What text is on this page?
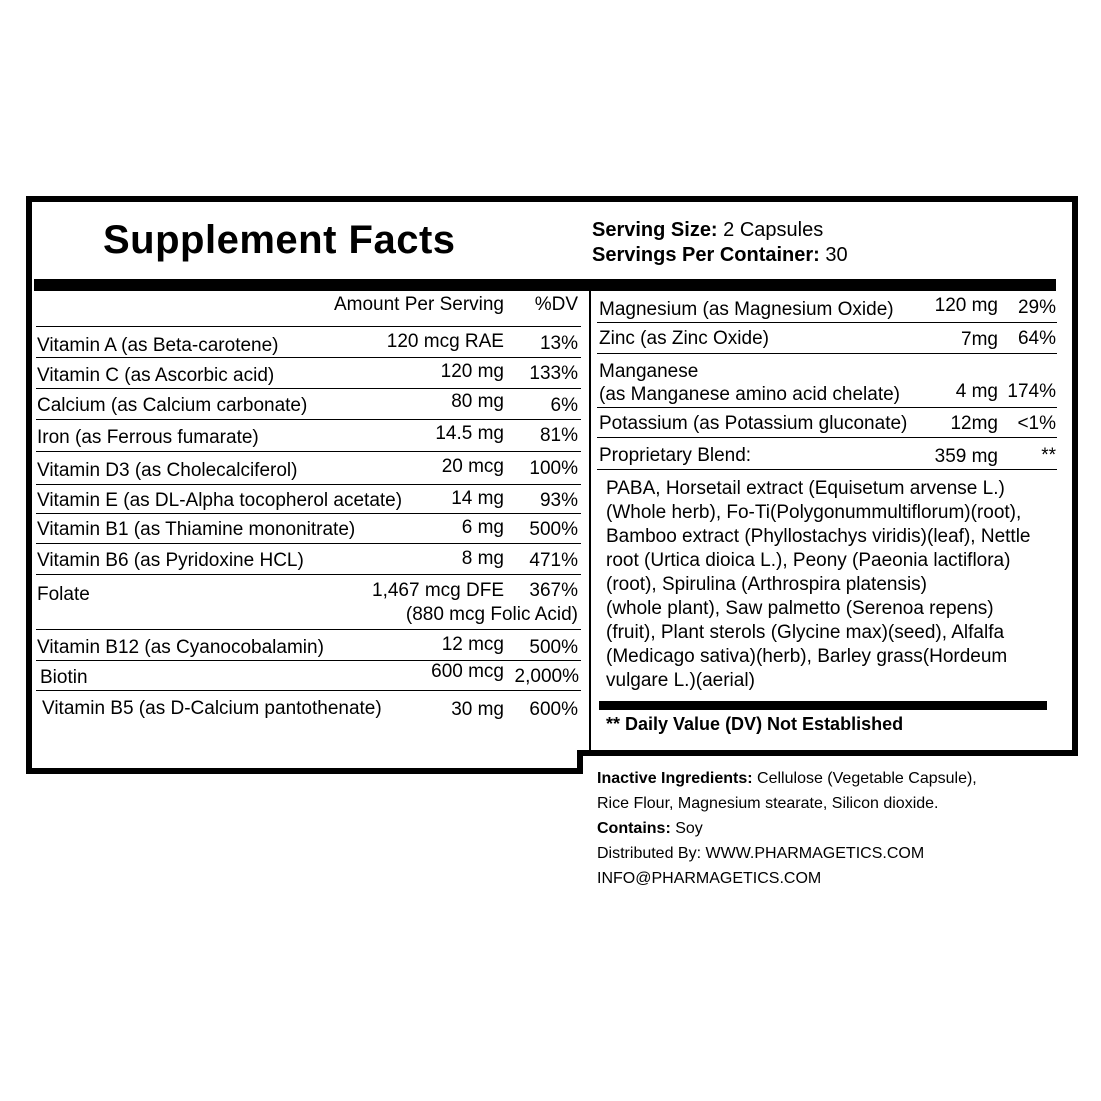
Supplement Facts	Serving Size: 2 Capsules
Servings Per Container: 30
Amount Per Serving	%DV
Vitamin A (as Beta-carotene)	120 mcg RAE	13%
Vitamin C (as Ascorbic acid)	120 mg	133%
Calcium (as Calcium carbonate)	80 mg	6%
Iron (as Ferrous fumarate)	14.5 mg	81%
Vitamin D3 (as Cholecalciferol)	20 mcg	100%
Vitamin E (as DL-Alpha tocopherol acetate)	14 mg	93%
Vitamin B1 (as Thiamine mononitrate)	6 mg	500%
Vitamin B6 (as Pyridoxine HCL)	8 mg	471%
Folate	1,467 mcg DFE	367%
(880 mcg Folic Acid)
Vitamin B12 (as Cyanocobalamin)	12 mcg	500%
Biotin	600 mcg 2,000%
Vitamin B5 (as D-Calcium pantothenate)	30 mg	600%
Magnesium (as Magnesium Oxide)	120 mg	29%
Zinc (as Zinc Oxide)	7mg	64%
Manganese
(as Manganese amino acid chelate)	4 mg 174%
Potassium (as Potassium gluconate)	12mg	<1%
Proprietary Blend:	359 mg	**
PABA, Horsetail extract (Equisetum arvense L.)
(Whole herb), Fo-Ti(Polygonummultiflorum)(root),
Bamboo extract (Phyllostachys viridis)(leaf), Nettle
root (Urtica dioica L.), Peony (Paeonia lactiflora)
(root), Spirulina (Arthrospira platensis)
(whole plant), Saw palmetto (Serenoa repens)
(fruit), Plant sterols (Glycine max)(seed), Alfalfa
(Medicago sativa)(herb), Barley grass(Hordeum
vulgare L.)(aerial)
** Daily Value (DV) Not Established
Inactive Ingredients: Cellulose (Vegetable Capsule),
Rice Flour, Magnesium stearate, Silicon dioxide.
Contains: Soy
Distributed By: WWW.PHARMAGETICS.COM
INFO@PHARMAGETICS.COM
